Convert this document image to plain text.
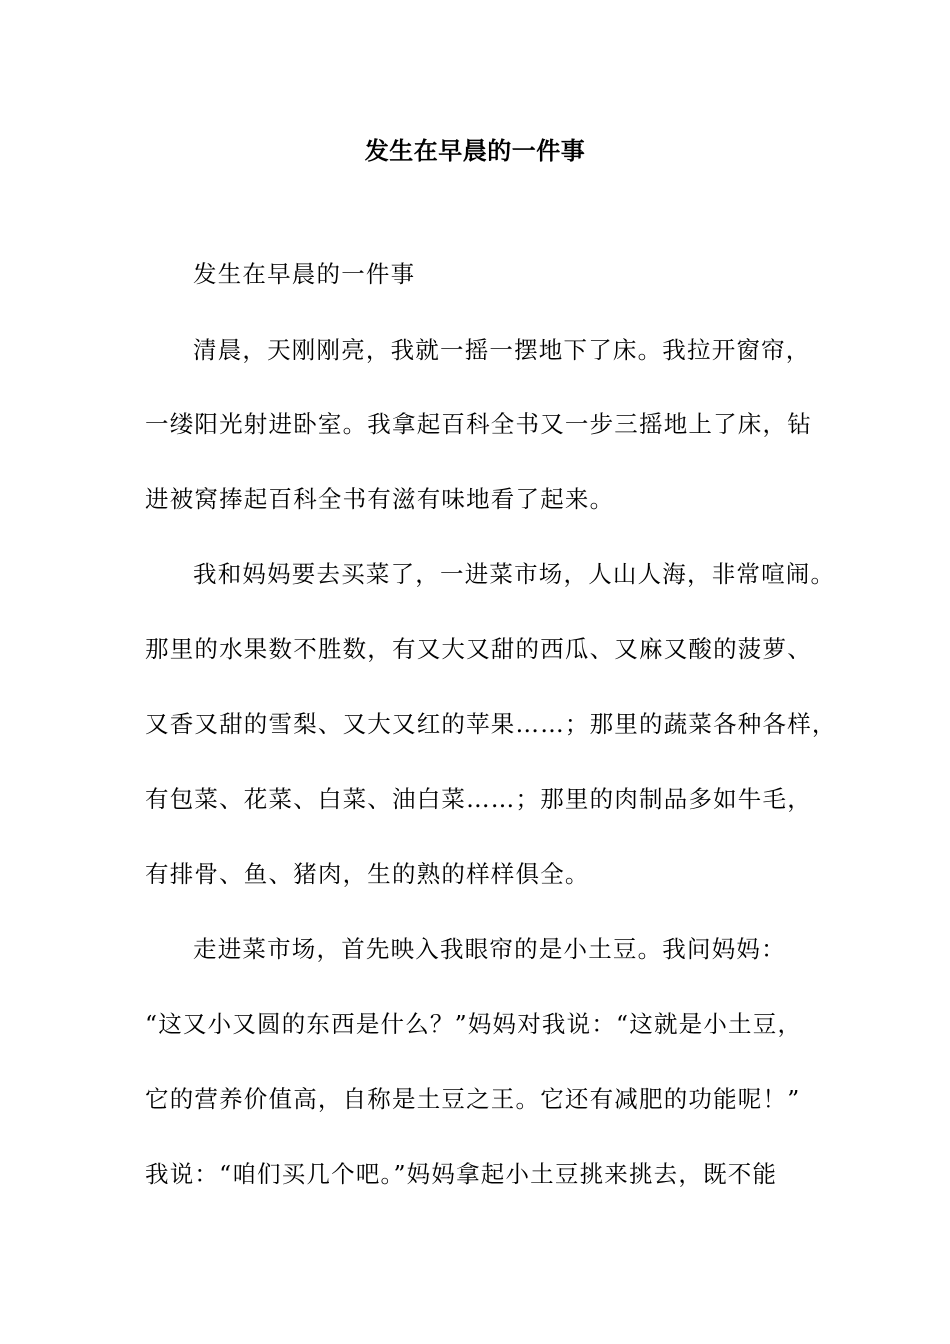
发生在早晨的一件事
发生在早晨的一件事
清晨，天刚刚亮，我就一摇一摆地下了床。我拉开窗帘，
一缕阳光射进卧室。我拿起百科全书又一步三摇地上了床，钻
进被窝捧起百科全书有滋有味地看了起来。
我和妈妈要去买菜了，一进菜市场，人山人海，非常喧闹。
那里的水果数不胜数，有又大又甜的西瓜、又麻又酸的菠萝、
又香又甜的雪梨、又大又红的苹果……；那里的蔬菜各种各样，
有包菜、花菜、白菜、油白菜……；那里的肉制品多如牛毛，
有排骨、鱼、猪肉，生的熟的样样俱全。
走进菜市场，首先映入我眼帘的是小土豆。我问妈妈：
“这又小又圆的东西是什么？”妈妈对我说：“这就是小土豆，
它的营养价值高，自称是土豆之王。它还有减肥的功能呢！”
我说：“咱们买几个吧。”妈妈拿起小土豆挑来挑去，既不能
